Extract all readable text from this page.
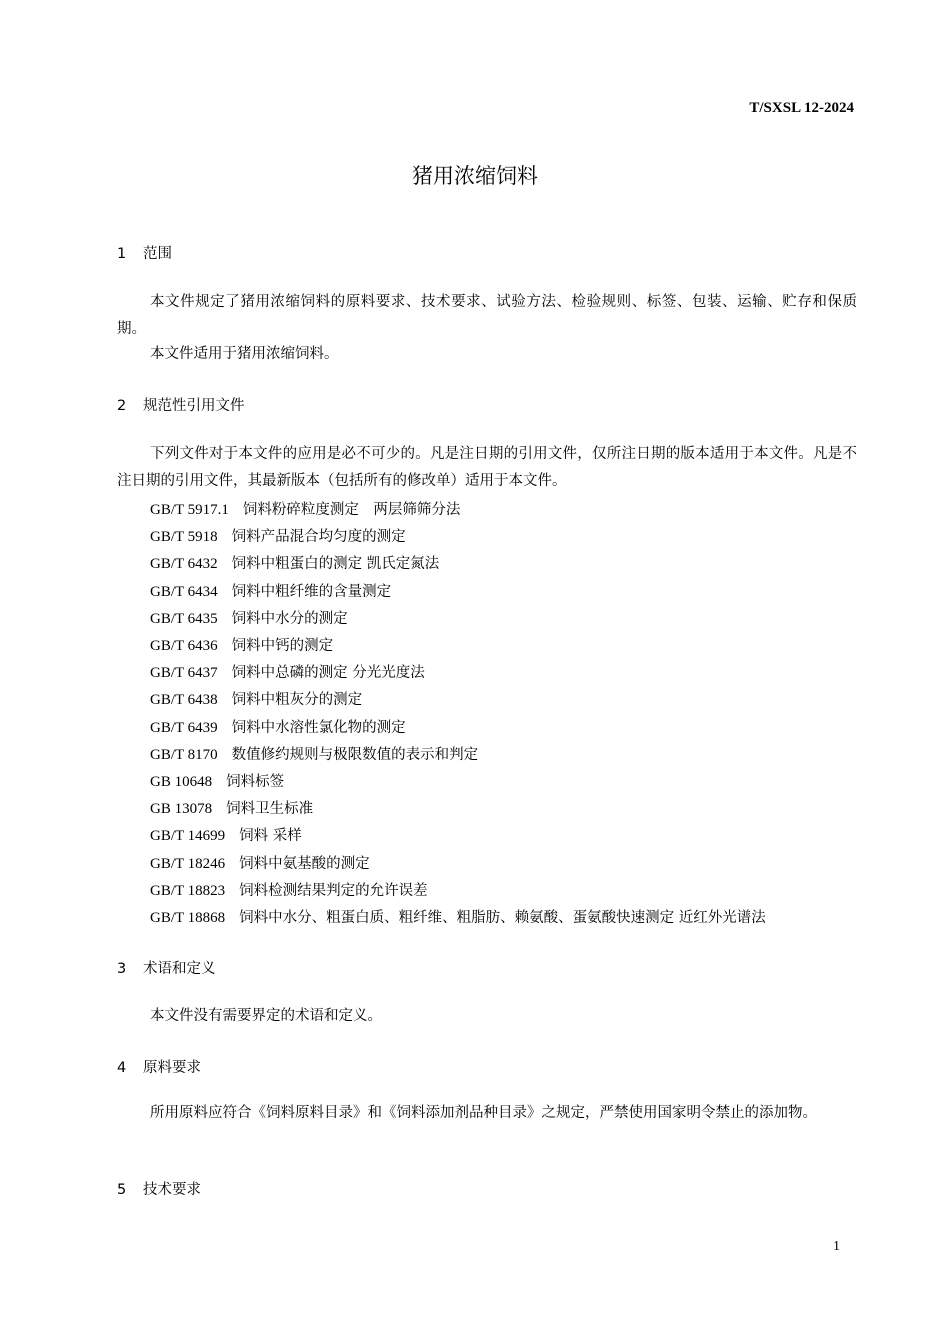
T/SXSL 12-2024
猪用浓缩饲料
1 范围
本文件规定了猪用浓缩饲料的原料要求、技术要求、试验方法、检验规则、标签、包装、运输、贮存和保质期。
本文件适用于猪用浓缩饲料。
2 规范性引用文件
下列文件对于本文件的应用是必不可少的。凡是注日期的引用文件，仅所注日期的版本适用于本文件。凡是不注日期的引用文件，其最新版本（包括所有的修改单）适用于本文件。
GB/T 5917.1 饲料粉碎粒度测定　两层筛筛分法
GB/T 5918 饲料产品混合均匀度的测定
GB/T 6432 饲料中粗蛋白的测定 凯氏定氮法
GB/T 6434 饲料中粗纤维的含量测定
GB/T 6435 饲料中水分的测定
GB/T 6436 饲料中钙的测定
GB/T 6437 饲料中总磷的测定 分光光度法
GB/T 6438 饲料中粗灰分的测定
GB/T 6439 饲料中水溶性氯化物的测定
GB/T 8170 数值修约规则与极限数值的表示和判定
GB 10648 饲料标签
GB 13078 饲料卫生标准
GB/T 14699 饲料 采样
GB/T 18246 饲料中氨基酸的测定
GB/T 18823 饲料检测结果判定的允许误差
GB/T 18868 饲料中水分、粗蛋白质、粗纤维、粗脂肪、赖氨酸、蛋氨酸快速测定 近红外光谱法
3 术语和定义
本文件没有需要界定的术语和定义。
4 原料要求
所用原料应符合《饲料原料目录》和《饲料添加剂品种目录》之规定，严禁使用国家明令禁止的添加物。
5 技术要求
1
